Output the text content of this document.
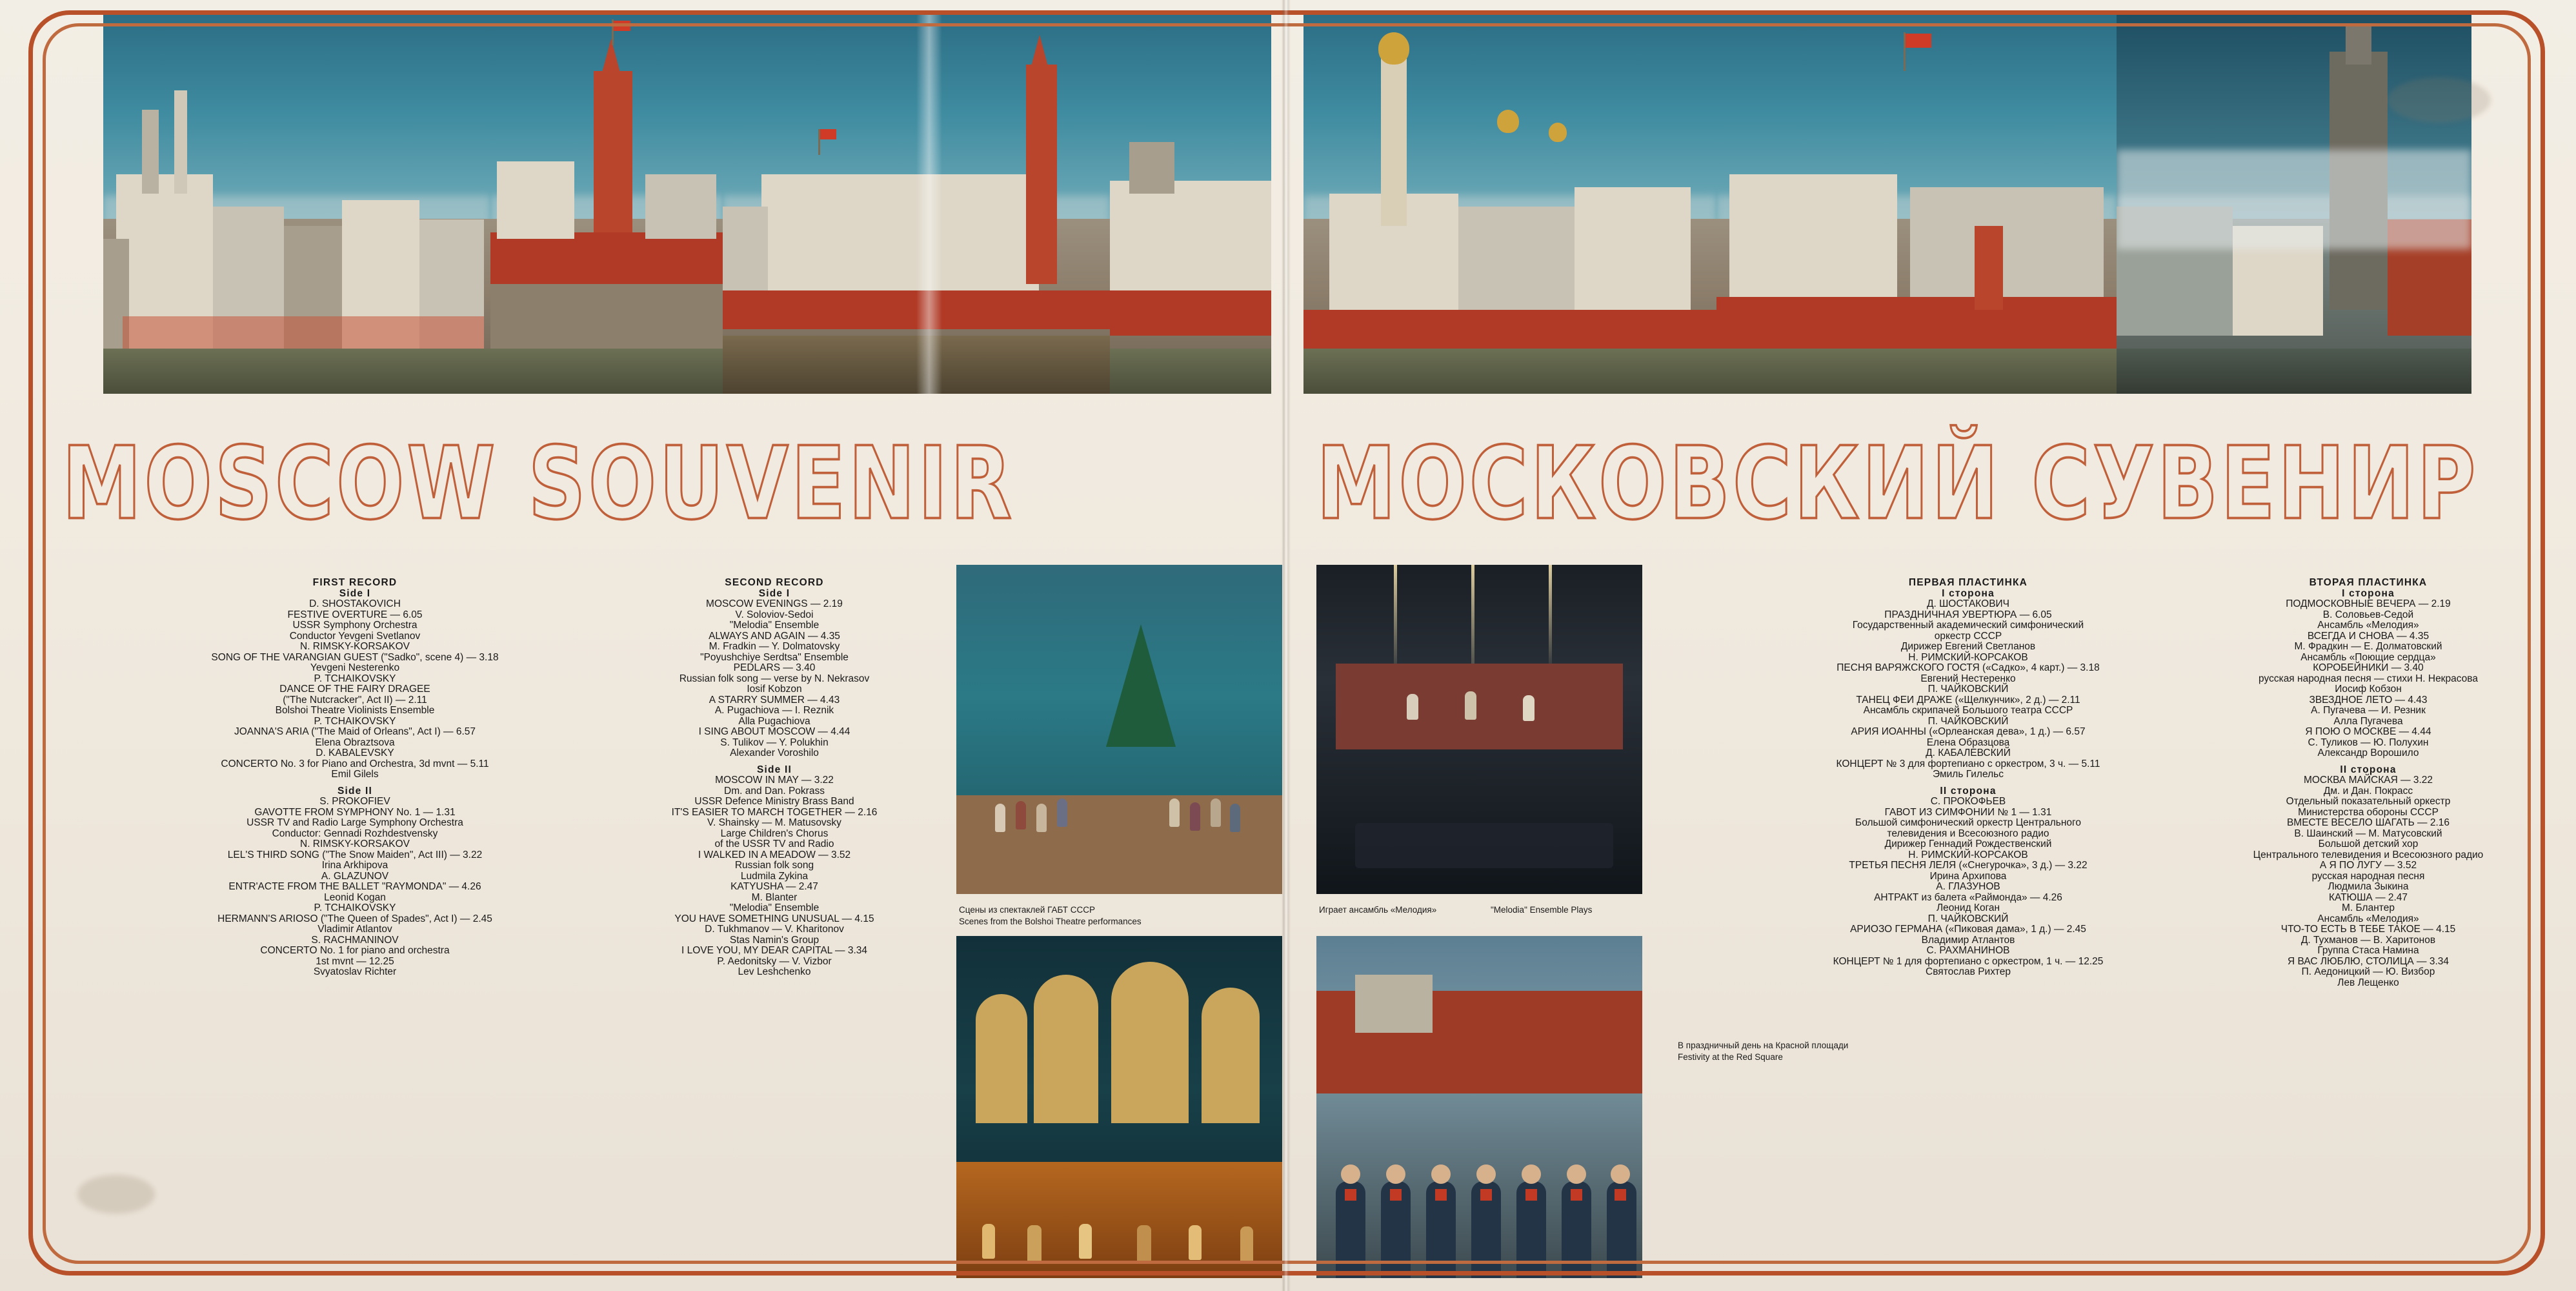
MOSCOW SOUVENIR	МОСКОВСКИЙ СУВЕНИР
FIRST RECORD
Side I
D. SHOSTAKOVICH
FESTIVE OVERTURE — 6.05
USSR Symphony Orchestra
Conductor Yevgeni Svetlanov
N. RIMSKY-KORSAKOV
SONG OF THE VARANGIAN GUEST ("Sadko", scene 4) — 3.18
Yevgeni Nesterenko
P. TCHAIKOVSKY
DANCE OF THE FAIRY DRAGEE
("The Nutcracker", Act II) — 2.11
Bolshoi Theatre Violinists Ensemble
P. TCHAIKOVSKY
JOANNA'S ARIA ("The Maid of Orleans", Act I) — 6.57
Elena Obraztsova
D. KABALEVSKY
CONCERTO No. 3 for Piano and Orchestra, 3d mvnt — 5.11
Emil Gilels
Side II
S. PROKOFIEV
GAVOTTE FROM SYMPHONY No. 1 — 1.31
USSR TV and Radio Large Symphony Orchestra
Conductor: Gennadi Rozhdestvensky
N. RIMSKY-KORSAKOV
LEL'S THIRD SONG ("The Snow Maiden", Act III) — 3.22
Irina Arkhipova
A. GLAZUNOV
ENTR'ACTE FROM THE BALLET "RAYMONDA" — 4.26
Leonid Kogan
P. TCHAIKOVSKY
HERMANN'S ARIOSO ("The Queen of Spades", Act I) — 2.45
Vladimir Atlantov
S. RACHMANINOV
CONCERTO No. 1 for piano and orchestra
1st mvnt — 12.25
Svyatoslav Richter
SECOND RECORD
Side I
MOSCOW EVENINGS — 2.19
V. Soloviov-Sedoi
"Melodia" Ensemble
ALWAYS AND AGAIN — 4.35
M. Fradkin — Y. Dolmatovsky
"Poyushchiye Serdtsa" Ensemble
PEDLARS — 3.40
Russian folk song — verse by N. Nekrasov
Iosif Kobzon
A STARRY SUMMER — 4.43
A. Pugachiova — I. Reznik
Alla Pugachiova
I SING ABOUT MOSCOW — 4.44
S. Tulikov — Y. Polukhin
Alexander Voroshilo
Side II
MOSCOW IN MAY — 3.22
Dm. and Dan. Pokrass
USSR Defence Ministry Brass Band
IT'S EASIER TO MARCH TOGETHER — 2.16
V. Shainsky — M. Matusovsky
Large Children's Chorus
of the USSR TV and Radio
I WALKED IN A MEADOW — 3.52
Russian folk song
Ludmila Zykina
KATYUSHA — 2.47
M. Blanter
"Melodia" Ensemble
YOU HAVE SOMETHING UNUSUAL — 4.15
D. Tukhmanov — V. Kharitonov
Stas Namin's Group
I LOVE YOU, MY DEAR CAPITAL — 3.34
P. Aedonitsky — V. Vizbor
Lev Leshchenko
ПЕРВАЯ ПЛАСТИНКА
I сторона
Д. ШОСТАКОВИЧ
ПРАЗДНИЧНАЯ УВЕРТЮРА — 6.05
Государственный академический симфонический
оркестр СССР
Дирижер Евгений Светланов
Н. РИМСКИЙ-КОРСАКОВ
ПЕСНЯ ВАРЯЖСКОГО ГОСТЯ («Садко», 4 карт.) — 3.18
Евгений Нестеренко
П. ЧАЙКОВСКИЙ
ТАНЕЦ ФЕИ ДРАЖЕ («Щелкунчик», 2 д.) — 2.11
Ансамбль скрипачей Большого театра СССР
П. ЧАЙКОВСКИЙ
АРИЯ ИОАННЫ («Орлеанская дева», 1 д.) — 6.57
Елена Образцова
Д. КАБАЛЕВСКИЙ
КОНЦЕРТ № 3 для фортепиано с оркестром, 3 ч. — 5.11
Эмиль Гилельс
II сторона
С. ПРОКОФЬЕВ
ГАВОТ ИЗ СИМФОНИИ № 1 — 1.31
Большой симфонический оркестр Центрального
телевидения и Всесоюзного радио
Дирижер Геннадий Рождественский
Н. РИМСКИЙ-КОРСАКОВ
ТРЕТЬЯ ПЕСНЯ ЛЕЛЯ («Снегурочка», 3 д.) — 3.22
Ирина Архипова
А. ГЛАЗУНОВ
АНТРАКТ из балета «Раймонда» — 4.26
Леонид Коган
П. ЧАЙКОВСКИЙ
АРИОЗО ГЕРМАНА («Пиковая дама», 1 д.) — 2.45
Владимир Атлантов
С. РАХМАНИНОВ
КОНЦЕРТ № 1 для фортепиано с оркестром, 1 ч. — 12.25
Святослав Рихтер
ВТОРАЯ ПЛАСТИНКА
I сторона
ПОДМОСКОВНЫЕ ВЕЧЕРА — 2.19
В. Соловьев-Седой
Ансамбль «Мелодия»
ВСЕГДА И СНОВА — 4.35
М. Фрадкин — Е. Долматовский
Ансамбль «Поющие сердца»
КОРОБЕЙНИКИ — 3.40
русская народная песня — стихи Н. Некрасова
Иосиф Кобзон
ЗВЕЗДНОЕ ЛЕТО — 4.43
А. Пугачева — И. Резник
Алла Пугачева
Я ПОЮ О МОСКВЕ — 4.44
С. Туликов — Ю. Полухин
Александр Ворошило
II сторона
МОСКВА МАЙСКАЯ — 3.22
Дм. и Дан. Покрасс
Отдельный показательный оркестр
Министерства обороны СССР
ВМЕСТЕ ВЕСЕЛО ШАГАТЬ — 2.16
В. Шаинский — М. Матусовский
Большой детский хор
Центрального телевидения и Всесоюзного радио
А Я ПО ЛУГУ — 3.52
русская народная песня
Людмила Зыкина
КАТЮША — 2.47
М. Блантер
Ансамбль «Мелодия»
ЧТО-ТО ЕСТЬ В ТЕБЕ ТАКОЕ — 4.15
Д. Тухманов — В. Харитонов
Группа Стаса Намина
Я ВАС ЛЮБЛЮ, СТОЛИЦА — 3.34
П. Аедоницкий — Ю. Визбор
Лев Лещенко
Сцены из спектаклей ГАБТ СССР
Scenes from the Bolshoi Theatre performances
Играет ансамбль «Мелодия»	"Melodia" Ensemble Plays
В праздничный день на Красной площади
Festivity at the Red Square
